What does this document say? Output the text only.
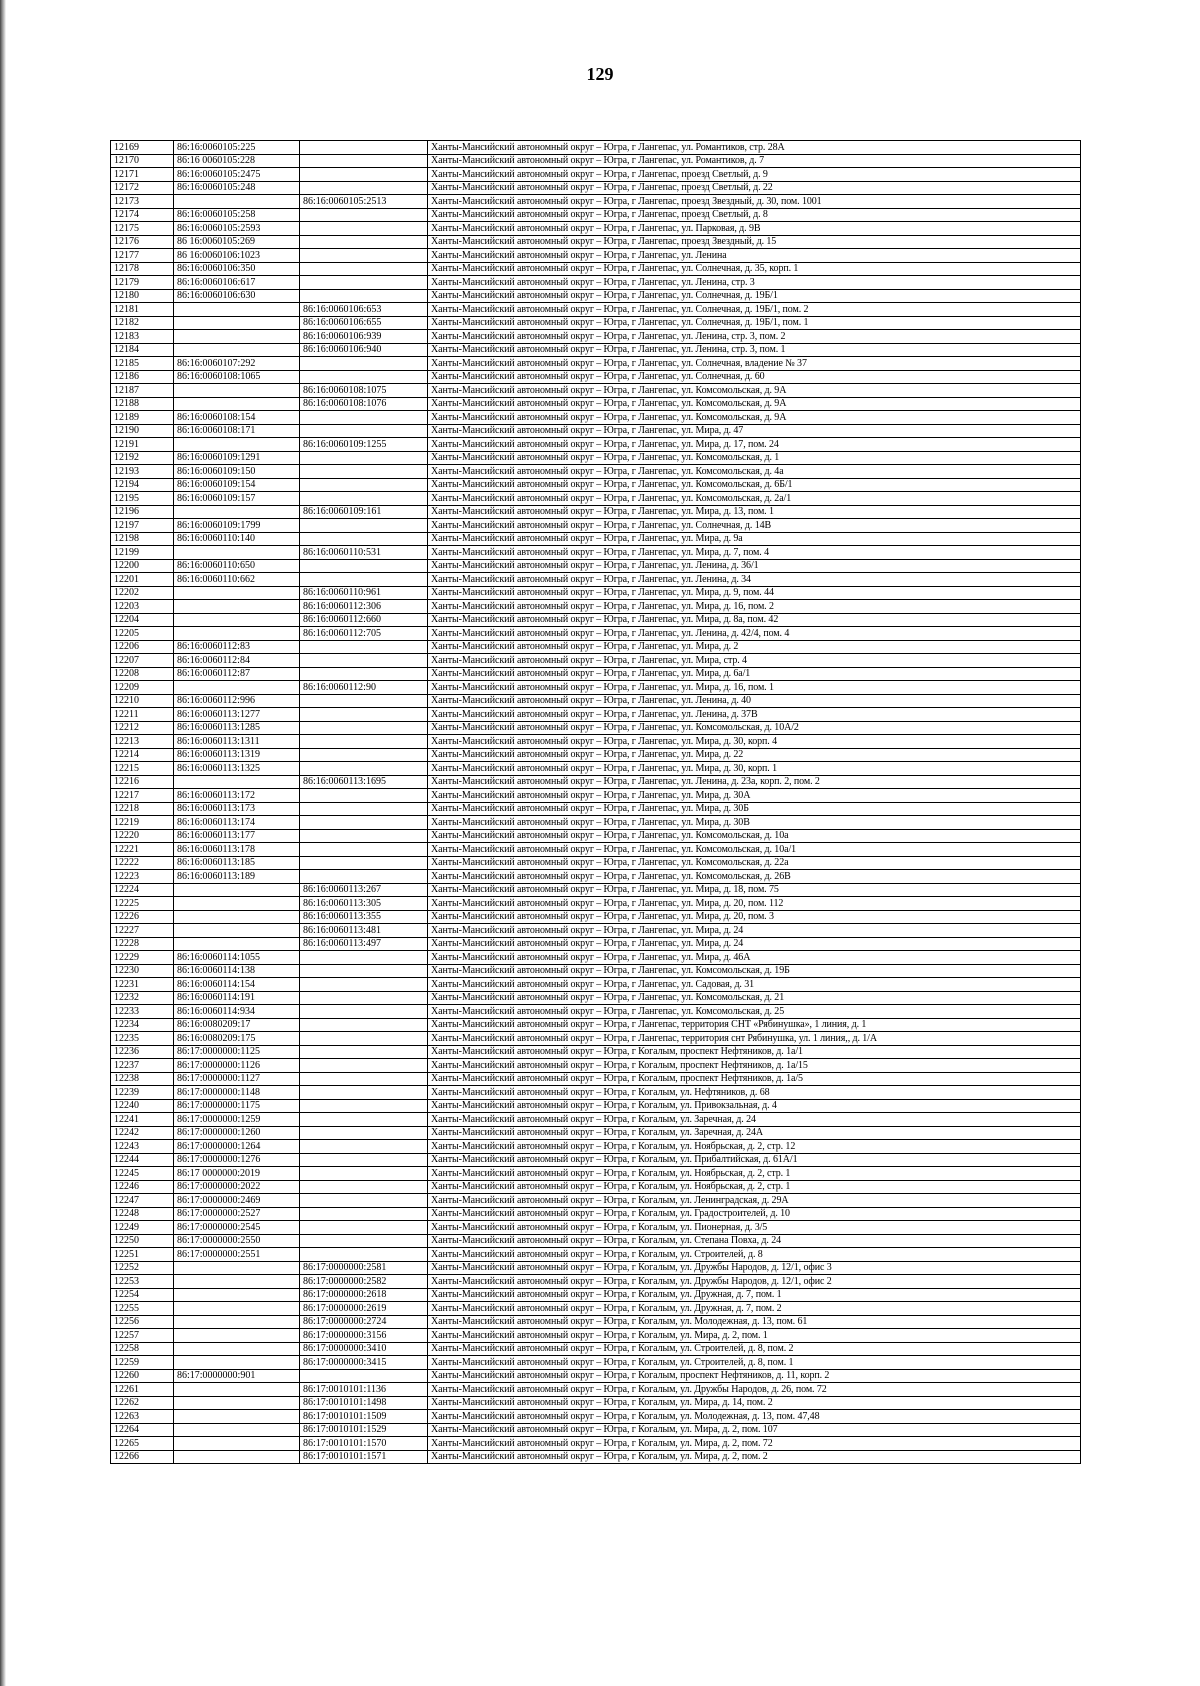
129
12169	86:16:0060105:225		Ханты-Мансийский автономный округ – Югра, г Лангепас, ул. Романтиков, стр. 28А
12170	86:16 0060105:228		Ханты-Мансийский автономный округ – Югра, г Лангепас, ул. Романтиков, д. 7
12171	86:16:0060105:2475		Ханты-Мансийский автономный округ – Югра, г Лангепас, проезд Светлый, д. 9
12172	86:16:0060105:248		Ханты-Мансийский автономный округ – Югра, г Лангепас, проезд Светлый, д. 22
12173		86:16:0060105:2513	Ханты-Мансийский автономный округ – Югра, г Лангепас, проезд Звездный, д. 30, пом. 1001
12174	86:16:0060105:258		Ханты-Мансийский автономный округ – Югра, г Лангепас, проезд Светлый, д. 8
12175	86:16:0060105:2593		Ханты-Мансийский автономный округ – Югра, г Лангепас, ул. Парковая, д. 9В
12176	86 16:0060105:269		Ханты-Мансийский автономный округ – Югра, г Лангепас, проезд Звездный, д. 15
12177	86 16:0060106:1023		Ханты-Мансийский автономный округ – Югра, г Лангепас, ул. Ленина
12178	86:16:0060106:350		Ханты-Мансийский автономный округ – Югра, г Лангепас, ул. Солнечная, д. 35, корп. 1
12179	86:16:0060106:617		Ханты-Мансийский автономный округ – Югра, г Лангепас, ул. Ленина, стр. 3
12180	86:16:0060106:630		Ханты-Мансийский автономный округ – Югра, г Лангепас, ул. Солнечная, д. 19Б/1
12181		86:16:0060106:653	Ханты-Мансийский автономный округ – Югра, г Лангепас, ул. Солнечная, д. 19Б/1, пом. 2
12182		86:16:0060106:655	Ханты-Мансийский автономный округ – Югра, г Лангепас, ул. Солнечная, д. 19Б/1, пом. 1
12183		86:16:0060106:939	Ханты-Мансийский автономный округ – Югра, г Лангепас, ул. Ленина, стр. 3, пом. 2
12184		86:16:0060106:940	Ханты-Мансийский автономный округ – Югра, г Лангепас, ул. Ленина, стр. 3, пом. 1
12185	86:16:0060107:292		Ханты-Мансийский автономный округ – Югра, г Лангепас, ул. Солнечная, владение № 37
12186	86:16:0060108:1065		Ханты-Мансийский автономный округ – Югра, г Лангепас, ул. Солнечная, д. 60
12187		86:16:0060108:1075	Ханты-Мансийский автономный округ – Югра, г Лангепас, ул. Комсомольская, д. 9А
12188		86:16:0060108:1076	Ханты-Мансийский автономный округ – Югра, г Лангепас, ул. Комсомольская, д. 9А
12189	86:16:0060108:154		Ханты-Мансийский автономный округ – Югра, г Лангепас, ул. Комсомольская, д. 9А
12190	86:16:0060108:171		Ханты-Мансийский автономный округ – Югра, г Лангепас, ул. Мира, д. 47
12191		86:16:0060109:1255	Ханты-Мансийский автономный округ – Югра, г Лангепас, ул. Мира, д. 17, пом. 24
12192	86:16:0060109:1291		Ханты-Мансийский автономный округ – Югра, г Лангепас, ул. Комсомольская, д. 1
12193	86:16:0060109:150		Ханты-Мансийский автономный округ – Югра, г Лангепас, ул. Комсомольская, д. 4а
12194	86:16:0060109:154		Ханты-Мансийский автономный округ – Югра, г Лангепас, ул. Комсомольская, д. 6Б/1
12195	86:16:0060109:157		Ханты-Мансийский автономный округ – Югра, г Лангепас, ул. Комсомольская, д. 2а/1
12196		86:16:0060109:161	Ханты-Мансийский автономный округ – Югра, г Лангепас, ул. Мира, д. 13, пом. 1
12197	86:16:0060109:1799		Ханты-Мансийский автономный округ – Югра, г Лангепас, ул. Солнечная, д. 14В
12198	86:16:0060110:140		Ханты-Мансийский автономный округ – Югра, г Лангепас, ул. Мира, д. 9а
12199		86:16:0060110:531	Ханты-Мансийский автономный округ – Югра, г Лангепас, ул. Мира, д. 7, пом. 4
12200	86:16:0060110:650		Ханты-Мансийский автономный округ – Югра, г Лангепас, ул. Ленина, д. 36/1
12201	86:16:0060110:662		Ханты-Мансийский автономный округ – Югра, г Лангепас, ул. Ленина, д. 34
12202		86:16:0060110:961	Ханты-Мансийский автономный округ – Югра, г Лангепас, ул. Мира, д. 9, пом. 44
12203		86:16:0060112:306	Ханты-Мансийский автономный округ – Югра, г Лангепас, ул. Мира, д. 16, пом. 2
12204		86:16:0060112:660	Ханты-Мансийский автономный округ – Югра, г Лангепас, ул. Мира, д. 8а, пом. 42
12205		86:16:0060112:705	Ханты-Мансийский автономный округ – Югра, г Лангепас, ул. Ленина, д. 42/4, пом. 4
12206	86:16:0060112:83		Ханты-Мансийский автономный округ – Югра, г Лангепас, ул. Мира, д. 2
12207	86:16:0060112:84		Ханты-Мансийский автономный округ – Югра, г Лангепас, ул. Мира, стр. 4
12208	86:16:0060112:87		Ханты-Мансийский автономный округ – Югра, г Лангепас, ул. Мира, д. 6а/1
12209		86:16:0060112:90	Ханты-Мансийский автономный округ – Югра, г Лангепас, ул. Мира, д. 16, пом. 1
12210	86:16:0060112:996		Ханты-Мансийский автономный округ – Югра, г Лангепас, ул. Ленина, д. 40
12211	86:16:0060113:1277		Ханты-Мансийский автономный округ – Югра, г Лангепас, ул. Ленина, д. 37В
12212	86:16:0060113:1285		Ханты-Мансийский автономный округ – Югра, г Лангепас, ул. Комсомольская, д. 10А/2
12213	86:16:0060113:1311		Ханты-Мансийский автономный округ – Югра, г Лангепас, ул. Мира, д. 30, корп. 4
12214	86:16:0060113:1319		Ханты-Мансийский автономный округ – Югра, г Лангепас, ул. Мира, д. 22
12215	86:16:0060113:1325		Ханты-Мансийский автономный округ – Югра, г Лангепас, ул. Мира, д. 30, корп. 1
12216		86:16:0060113:1695	Ханты-Мансийский автономный округ – Югра, г Лангепас, ул. Ленина, д. 23а, корп. 2, пом. 2
12217	86:16:0060113:172		Ханты-Мансийский автономный округ – Югра, г Лангепас, ул. Мира, д. 30А
12218	86:16:0060113:173		Ханты-Мансийский автономный округ – Югра, г Лангепас, ул. Мира, д. 30Б
12219	86:16:0060113:174		Ханты-Мансийский автономный округ – Югра, г Лангепас, ул. Мира, д. 30В
12220	86:16:0060113:177		Ханты-Мансийский автономный округ – Югра, г Лангепас, ул. Комсомольская, д. 10а
12221	86:16:0060113:178		Ханты-Мансийский автономный округ – Югра, г Лангепас, ул. Комсомольская, д. 10а/1
12222	86:16:0060113:185		Ханты-Мансийский автономный округ – Югра, г Лангепас, ул. Комсомольская, д. 22а
12223	86:16:0060113:189		Ханты-Мансийский автономный округ – Югра, г Лангепас, ул. Комсомольская, д. 26В
12224		86:16:0060113:267	Ханты-Мансийский автономный округ – Югра, г Лангепас, ул. Мира, д. 18, пом. 75
12225		86:16:0060113:305	Ханты-Мансийский автономный округ – Югра, г Лангепас, ул. Мира, д. 20, пом. 112
12226		86:16:0060113:355	Ханты-Мансийский автономный округ – Югра, г Лангепас, ул. Мира, д. 20, пом. 3
12227		86:16:0060113:481	Ханты-Мансийский автономный округ – Югра, г Лангепас, ул. Мира, д. 24
12228		86:16:0060113:497	Ханты-Мансийский автономный округ – Югра, г Лангепас, ул. Мира, д. 24
12229	86:16:0060114:1055		Ханты-Мансийский автономный округ – Югра, г Лангепас, ул. Мира, д. 46А
12230	86:16:0060114:138		Ханты-Мансийский автономный округ – Югра, г Лангепас, ул. Комсомольская, д. 19Б
12231	86:16:0060114:154		Ханты-Мансийский автономный округ – Югра, г Лангепас, ул. Садовая, д. 31
12232	86:16:0060114:191		Ханты-Мансийский автономный округ – Югра, г Лангепас, ул. Комсомольская, д. 21
12233	86:16:0060114:934		Ханты-Мансийский автономный округ – Югра, г Лангепас, ул. Комсомольская, д. 25
12234	86:16:0080209:17		Ханты-Мансийский автономный округ – Югра, г Лангепас, территория СНТ «Рябинушка», 1 линия, д. 1
12235	86:16:0080209:175		Ханты-Мансийский автономный округ – Югра, г Лангепас, территория снт Рябинушка, ул. 1 линия,, д. 1/А
12236	86:17:0000000:1125		Ханты-Мансийский автономный округ – Югра, г Когалым, проспект Нефтяников, д. 1а/1
12237	86:17:0000000:1126		Ханты-Мансийский автономный округ – Югра, г Когалым, проспект Нефтяников, д. 1а/15
12238	86:17:0000000:1127		Ханты-Мансийский автономный округ – Югра, г Когалым, проспект Нефтяников, д. 1а/5
12239	86:17:0000000:1148		Ханты-Мансийский автономный округ – Югра, г Когалым, ул. Нефтяников, д. 68
12240	86:17:0000000:1175		Ханты-Мансийский автономный округ – Югра, г Когалым, ул. Привокзальная, д. 4
12241	86:17:0000000:1259		Ханты-Мансийский автономный округ – Югра, г Когалым, ул. Заречная, д. 24
12242	86:17:0000000:1260		Ханты-Мансийский автономный округ – Югра, г Когалым, ул. Заречная, д. 24А
12243	86:17:0000000:1264		Ханты-Мансийский автономный округ – Югра, г Когалым, ул. Ноябрьская, д. 2, стр. 12
12244	86:17:0000000:1276		Ханты-Мансийский автономный округ – Югра, г Когалым, ул. Прибалтийская, д. 61А/1
12245	86:17 0000000:2019		Ханты-Мансийский автономный округ – Югра, г Когалым, ул. Ноябрьская, д. 2, стр. 1
12246	86:17:0000000:2022		Ханты-Мансийский автономный округ – Югра, г Когалым, ул. Ноябрьская, д. 2, стр. 1
12247	86:17:0000000:2469		Ханты-Мансийский автономный округ – Югра, г Когалым, ул. Ленинградская, д. 29А
12248	86:17:0000000:2527		Ханты-Мансийский автономный округ – Югра, г Когалым, ул. Градостроителей, д. 10
12249	86:17:0000000:2545		Ханты-Мансийский автономный округ – Югра, г Когалым, ул. Пионерная, д. 3/5
12250	86:17:0000000:2550		Ханты-Мансийский автономный округ – Югра, г Когалым, ул. Степана Повха, д. 24
12251	86:17:0000000:2551		Ханты-Мансийский автономный округ – Югра, г Когалым, ул. Строителей, д. 8
12252		86:17:0000000:2581	Ханты-Мансийский автономный округ – Югра, г Когалым, ул. Дружбы Народов, д. 12/1, офис 3
12253		86:17:0000000:2582	Ханты-Мансийский автономный округ – Югра, г Когалым, ул. Дружбы Народов, д. 12/1, офис 2
12254		86:17:0000000:2618	Ханты-Мансийский автономный округ – Югра, г Когалым, ул. Дружная, д. 7, пом. 1
12255		86:17:0000000:2619	Ханты-Мансийский автономный округ – Югра, г Когалым, ул. Дружная, д. 7, пом. 2
12256		86:17:0000000:2724	Ханты-Мансийский автономный округ – Югра, г Когалым, ул. Молодежная, д. 13, пом. 61
12257		86:17:0000000:3156	Ханты-Мансийский автономный округ – Югра, г Когалым, ул. Мира, д. 2, пом. 1
12258		86:17:0000000:3410	Ханты-Мансийский автономный округ – Югра, г Когалым, ул. Строителей, д. 8, пом. 2
12259		86:17:0000000:3415	Ханты-Мансийский автономный округ – Югра, г Когалым, ул. Строителей, д. 8, пом. 1
12260	86:17:0000000:901		Ханты-Мансийский автономный округ – Югра, г Когалым, проспект Нефтяников, д. 11, корп. 2
12261		86:17:0010101:1136	Ханты-Мансийский автономный округ – Югра, г Когалым, ул. Дружбы Народов, д. 26, пом. 72
12262		86:17:0010101:1498	Ханты-Мансийский автономный округ – Югра, г Когалым, ул. Мира, д. 14, пом. 2
12263		86:17:0010101:1509	Ханты-Мансийский автономный округ – Югра, г Когалым, ул. Молодежная, д. 13, пом. 47,48
12264		86:17:0010101:1529	Ханты-Мансийский автономный округ – Югра, г Когалым, ул. Мира, д. 2, пом. 107
12265		86:17:0010101:1570	Ханты-Мансийский автономный округ – Югра, г Когалым, ул. Мира, д. 2, пом. 72
12266		86:17:0010101:1571	Ханты-Мансийский автономный округ – Югра, г Когалым, ул. Мира, д. 2, пом. 2
